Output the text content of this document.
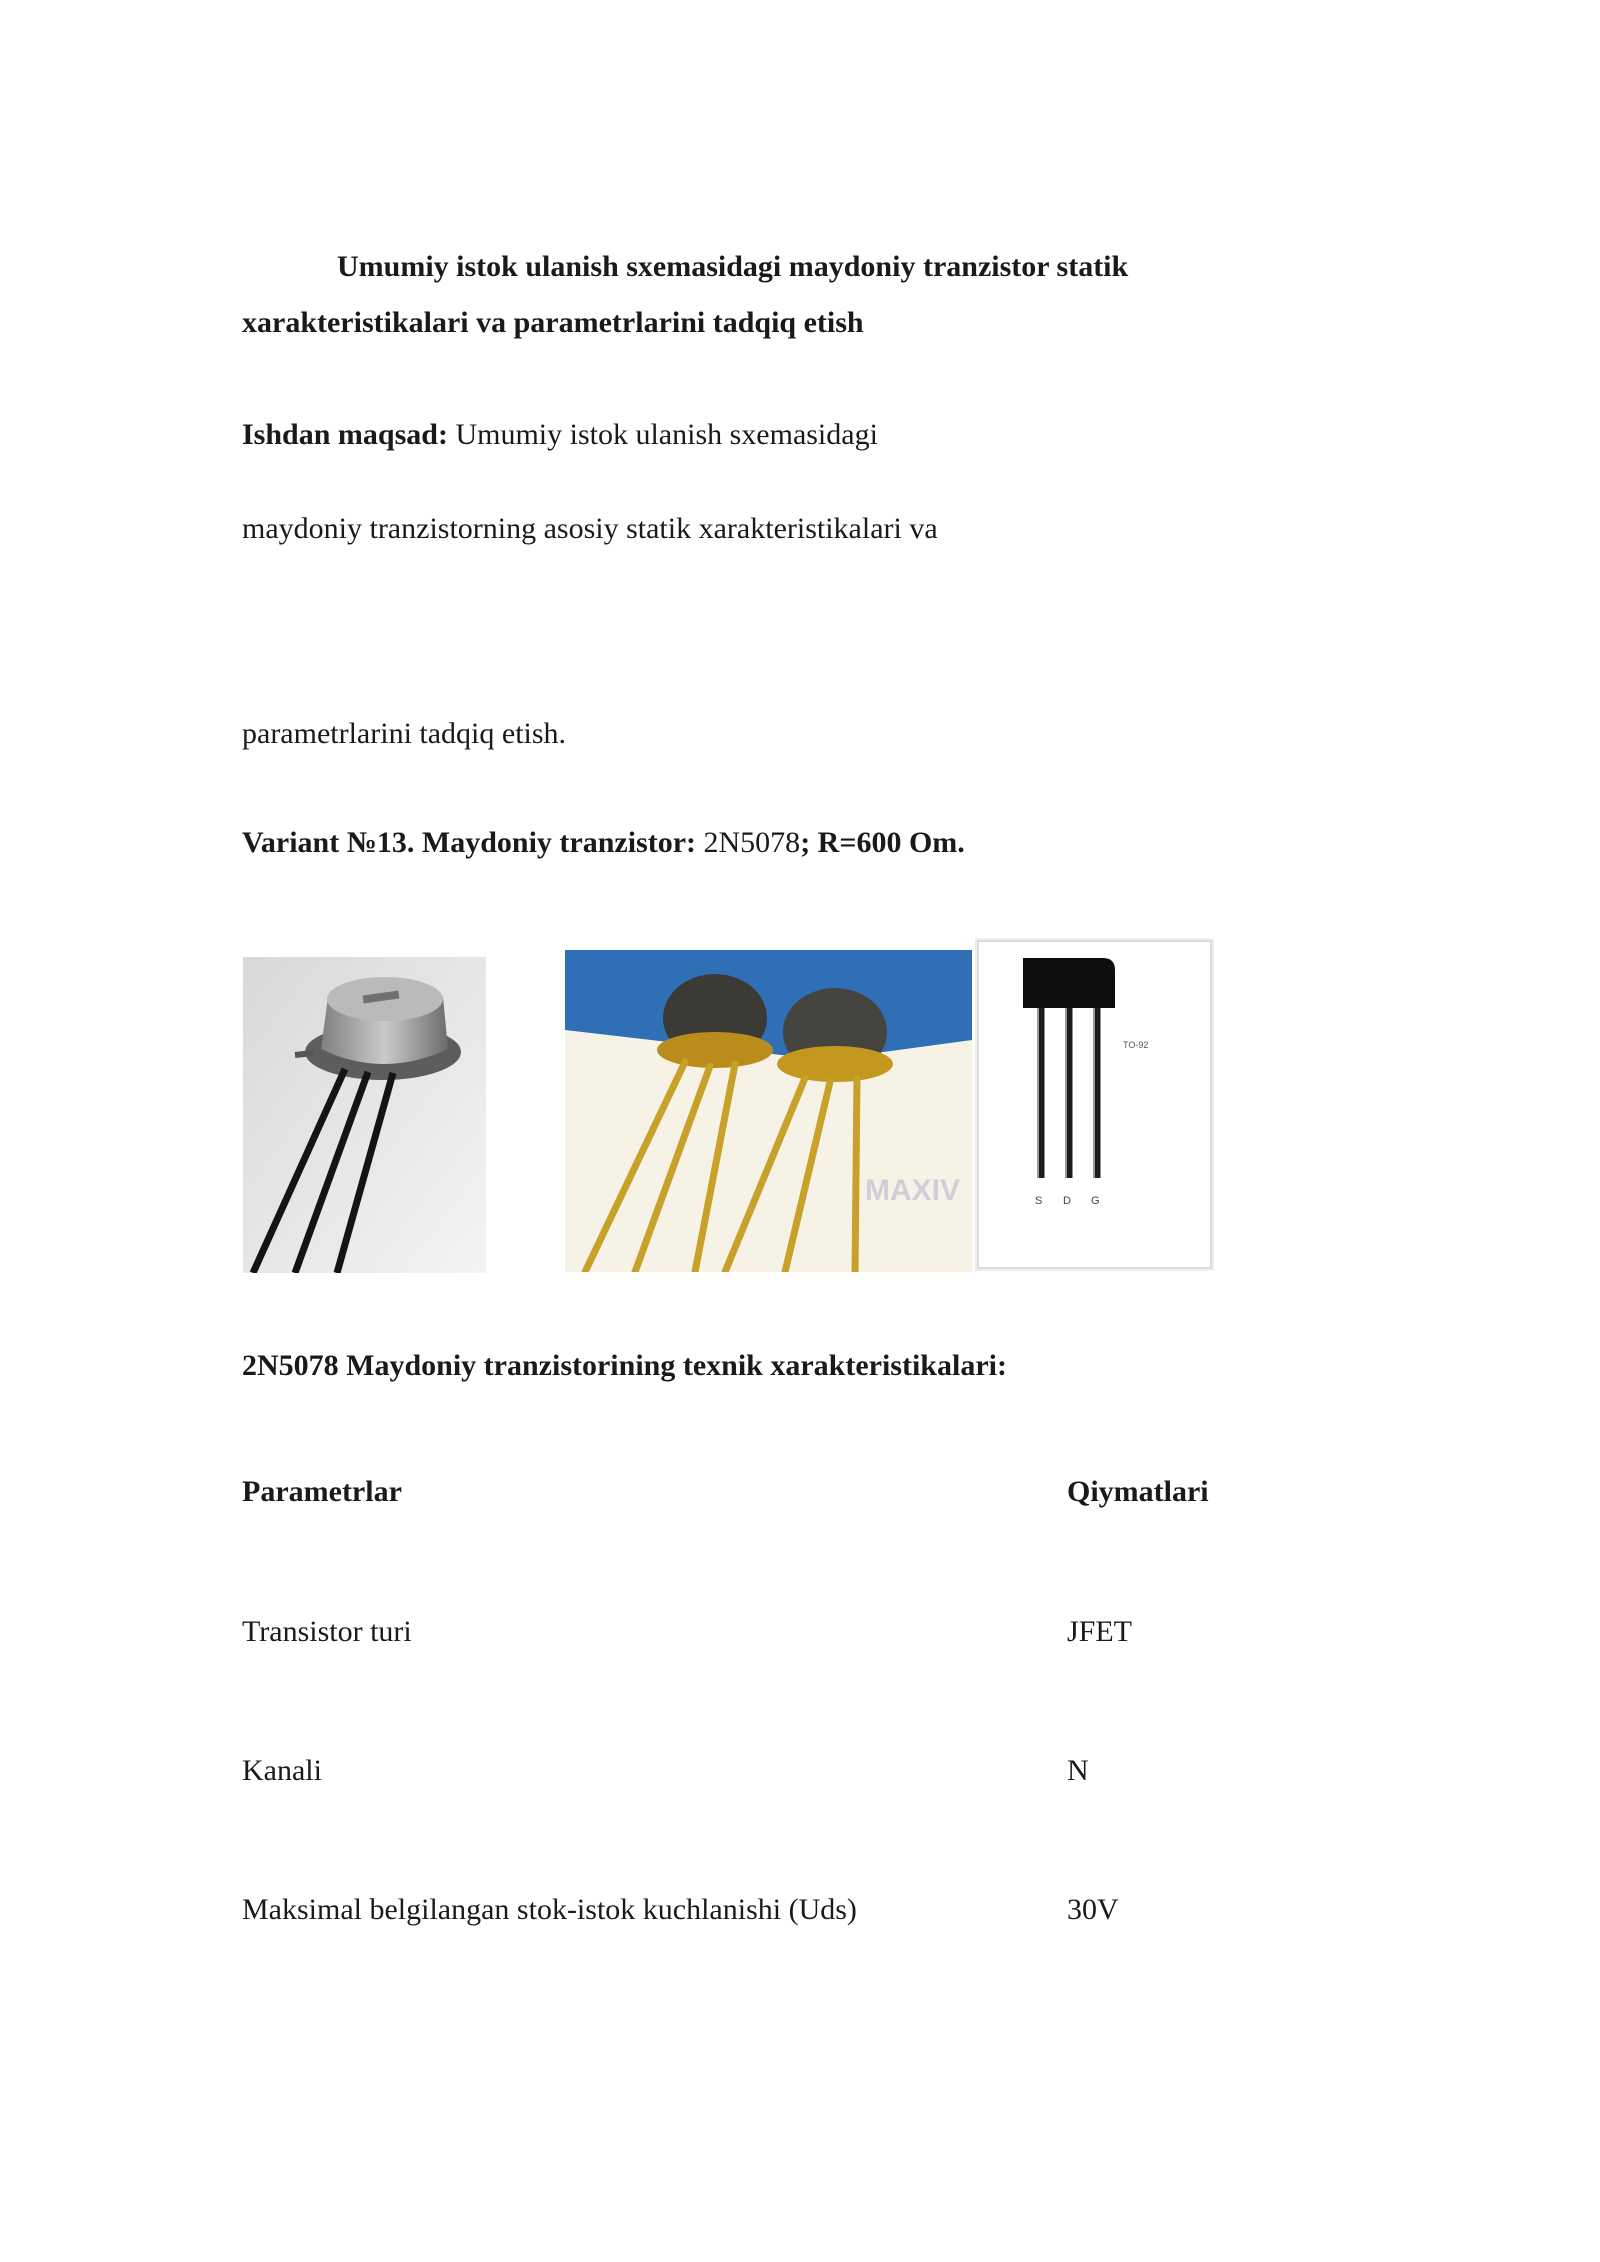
Umumiy istok ulanish sxemasidagi maydoniy tranzistor statik
xarakteristikalari va parametrlarini tadqiq etish
Ishdan maqsad: Umumiy istok ulanish sxemasidagi
maydoniy tranzistorning asosiy statik xarakteristikalari va
parametrlarini tadqiq etish.
Variant №13. Maydoniy tranzistor: 2N5078; R=600 Om.
MAXIV
TO-92
S D G
2N5078 Maydoniy tranzistorining texnik xarakteristikalari:
Parametrlar	Qiymatlari
Transistor turi	JFET
Kanali	N
Maksimal belgilangan stok-istok kuchlanishi (Uds)	30V
